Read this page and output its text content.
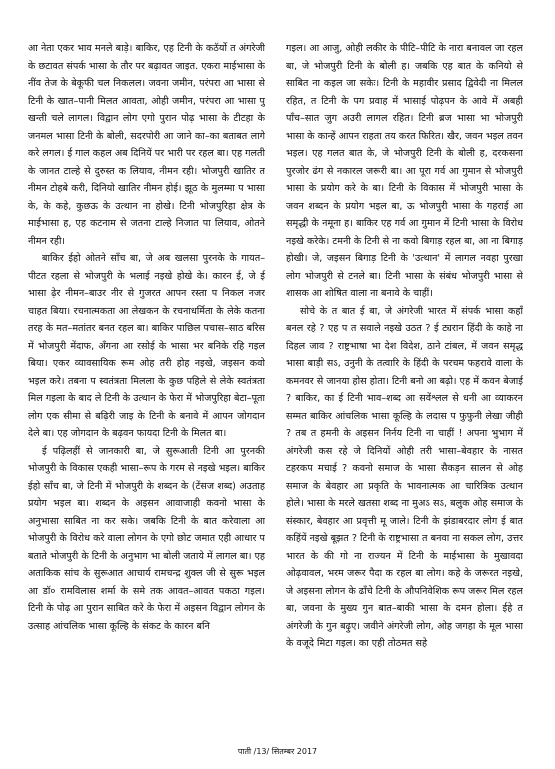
आ नेता एकर भाव मनले बाड़े। बाकिर, एह टिनी के कठॅर्यो त अंगरेजी के छटावत संपर्क भासा के तौर पर बढ़ावत जाइत. एकरा माईभासा के नींव तेज के बेकूफी चल निकलल। जवना जमीन, परंपरा आ भासा से टिनी के खात–पानी मिलत आवता, ओही जमीन, परंपरा आ भासा पु खन्ती चले लागल। विद्वान लोग एगो पुरान पोढ़ भासा के टीटहा के जनमल भासा टिनी के बोली, सदरपोरी आ जाने का–का बताबत लागे करे लगल। ई गाल कहल अब दिनियें पर भारी पर रहल बा। एह गलती के जानत टाल्हे से दुरुस्त क लियाव, नीमन रही। भोजपुरी खातिर त नीमन टोहबे करी, दिनियो खातिर नीमन होई। झूठ के मुलम्मा प भासा के, के कहे, कुछऊ के उत्थान ना होखे। टिनी भोजपुरिहा क्षेत्र के माईभासा ह, एह कटनाम से जतना टाल्हे निजात पा लियाव, ओतने नीमन रही।

बाकिर ईहो ओतने साँच बा, जे अब खलसा पुरनके के गायत–पीटत रहला से भोजपुरी के भलाई नइखे होखे के। कारन ई, जे ई भासा ढ़ेर नीमन–बाउर नीर से गुजरत आपन रस्ता प निकल नजर चाहत बिया। रचनात्मकता आ लेखकन के रचनाधर्मिता के लेके कतना तरह के मत–मतांतर बनत रहल बा। बाकिर पाछिल पचास–साठ बरिस में भोजपुरी मेंदाफ, अँगना आ रसोई के भासा भर बनिके रहि गइल बिया। एकर व्यावसायिक रूम ओह तरी होह नइखे, जइसन कवो भइल करे। तबना प स्वतंत्रता मिलला के कुछ पहिले से लेके स्वतंत्रता मिल गइला के बाद ले टिनी के उत्थान के फेरा में भोजपुरिहा बेटा–पूता लोग एक सीमा से बढ़िरी जाइ के टिनी के बनावे में आपन जोगदान देले बा। एह जोगदान के बढ़वन फायदा टिनी के मिलत बा।

ई पढ़िलहीं से जानकारी बा, जे सुरूआती टिनी आ पुरनकी भोजपुरी के विकास एकही भासा–रूप के गरम से नइखे भइल। बाकिर ईहो साँच बा, जे टिनी में भोजपुरी के शब्दन के (टेंसज शब्द) अउताह प्रयोग भइल बा। शब्दन के अइसन आवाजाही कवनो भासा के अनुभासा साबित ना कर सके। जबकि टिनी के बात करेवाला आ भोजपुरी के विरोध करे वाला लोगन के एगो छोट जमात एही आधार प बताते भोजपुरी के टिनी के अनुभाग भा बोली जताये में लागल बा। एह अताकिक सांच के सुरूआत आचार्य रामचन्द्र शुक्ल जी से सुरू भइल आ डॉ० रामविलास शर्मा के समे तक आवत–आवत पकठा गइल। टिनी के पोढ़ आ पुरान साबित करे के फेरा में अइसन विद्वान लोगन के उत्साह आंचलिक भासा कूल्हि के संकट के कारन बनि

गइल। आ आजु, ओही लकीर के पीटि–पीटि के नारा बनावल जा रहल बा, जे भोजपुरी टिनी के बोली ह। जबकि एह बात के कनियो से साबित ना कइल जा सकेः। टिनी के महावीर प्रसाद द्विवेदी ना मिलल रहित, त टिनी के पग प्रवाह में भासाई पोढ़पन के आवे में अबही पाँच–सात जुग अउरी लागल रहित। टिनी ब्रज भासा भा भोजपुरी भासा के कान्हें आपन राहता तय करत फिरित। खैर, जवन भइल तवन भइल। एह गलत बात के, जे भोजपुरी टिनी के बोली ह, दरकसना पुरजोर ढंग से नकारल जरूरी बा। आ पूरा गर्व आ गुमान से भोजपुरी भासा के प्रयोग करे के बा। टिनी के विकास में भोजपुरी भासा के जवन शब्दन के प्रयोग भइल बा, ऊ भोजपुरी भासा के गहराई आ समृद्धी के नमूना ह। बाकिर एह गर्व आ गुमान में टिनी भासा के विरोध नइखे करेके। टमनी के टिनी से ना कवो बिगाड़ रहल बा, आ ना बिगाड़ होखी। जे, जइसन बिगाड़ टिनी के 'उत्थान' में लागल नवहा पुरखा लोग भोजपुरी से टनले बा। टिनी भासा के संबंध भोजपुरी भासा से शासक आ शोषित वाला ना बनावे के चाहीं।

सोचे के त बात ई बा, जे अंगरेजी भारत में संपर्क भासा कहाँ बनल रहे ? एह प त सवाले नइखे उठत ? ई ट्यरान हिंदी के काहे ना दिहल जाव ? राष्ट्रभाषा भा देश विदेश, ठाने टांबल, में जवन समृद्ध भासा बाड़ी सऽ, उनुनी के तत्वारि के हिंदी के परचम फहरावे वाला के कमनवर से जानया होस होता। टिनी बनो आ बढ़ो। एह में कवन बेजाई ? बाकिर, का ई टिनी भाव–शब्द आ सवेंश्लल से धनी आ व्याकरन सम्मत बाकिर आंचलिक भासा कूल्हि के लदास प फुफुनी लेखा जीही ? तब त हमनी के अइसन निर्नय टिनी ना चाहीं ! अपना भुभाग में अंगरेजी कस रहे जे दिनियों ओही तरी भासा–बेवहार के नासत टहरकप मचाई ? कवनो समाज के भासा सैकड़न सालन से ओह समाज के बेवहार आ प्रकृति के भावनात्मक आ चारित्रिक उत्थान होले। भासा के मरले खतसा शब्द ना मुअऽ सऽ, बलुक ओह समाज के संस्कार, बेवहार आ प्रवृत्ती मू जाले। टिनी के झंडाबरदार लोग ई बात कहिंयें नइखे बूझत ? टिनी के राष्ट्रभासा त बनवा ना सकल लोग, उत्तर भारत के की गो ना राज्यन में टिनी के माईभासा के मुखावदा ओढ़वावल, भरम जरूर पैदा क रहल बा लोग। कहे के जरूरत नइखे, जे अइसना लोगन के ढाँचे टिनी के औपनिवेशिक रूप जरूर मिल रहल बा, जवना के मुख्य गुन बात–बाकी भासा के दमन होला। ईहे त अंगरेजी के गुन बढ़ुए। जवीने अंगरेजी लोग, ओह जगहा के मूल भासा के वजूदे मिटा गइल। का एही तोठमत सहे

पाती /13/ सितम्बर 2017
